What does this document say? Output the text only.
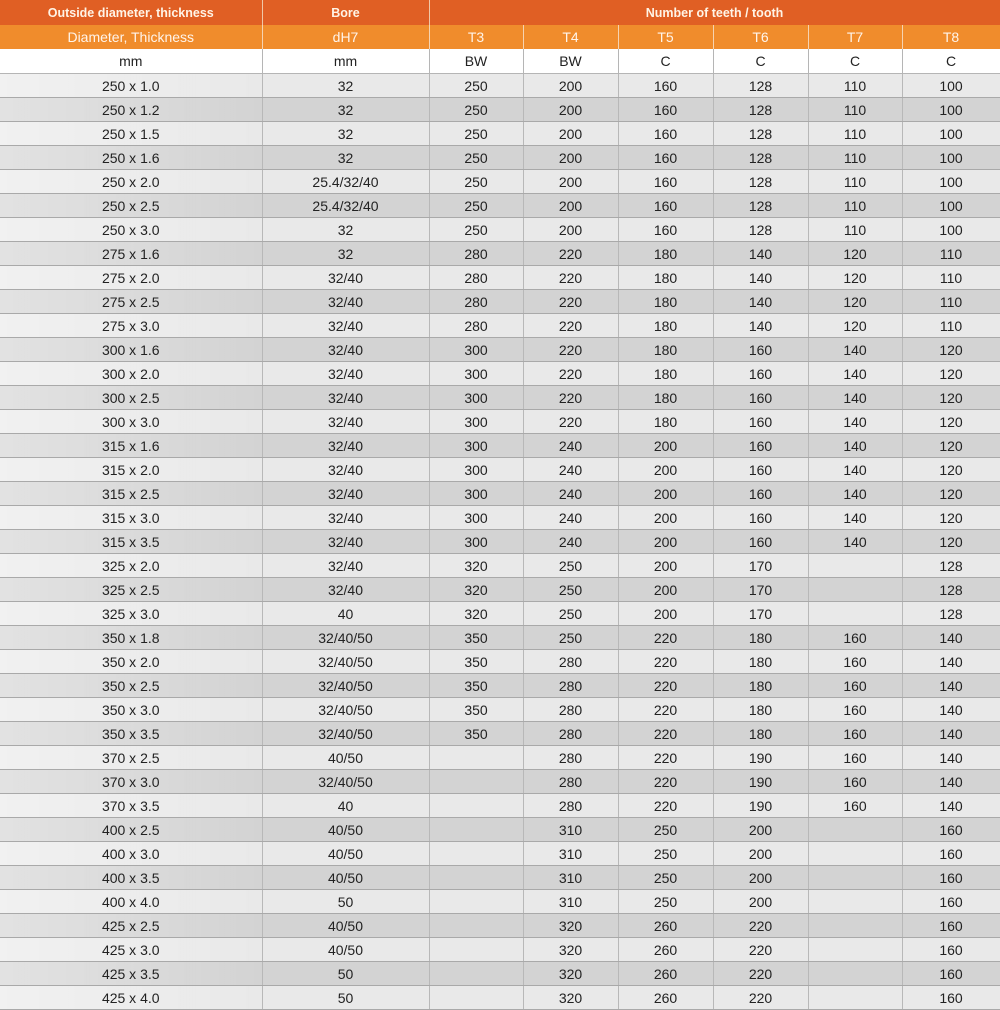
Outside diameter, thickness	Bore	Number of teeth / tooth					
Diameter, Thickness	dH7	T3	T4	T5	T6	T7	T8
mm	mm	BW	BW	C	C	C	C
250 x 1.0	32	250	200	160	128	110	100
250 x 1.2	32	250	200	160	128	110	100
250 x 1.5	32	250	200	160	128	110	100
250 x 1.6	32	250	200	160	128	110	100
250 x 2.0	25.4/32/40	250	200	160	128	110	100
250 x 2.5	25.4/32/40	250	200	160	128	110	100
250 x 3.0	32	250	200	160	128	110	100
275 x 1.6	32	280	220	180	140	120	110
275 x 2.0	32/40	280	220	180	140	120	110
275 x 2.5	32/40	280	220	180	140	120	110
275 x 3.0	32/40	280	220	180	140	120	110
300 x 1.6	32/40	300	220	180	160	140	120
300 x 2.0	32/40	300	220	180	160	140	120
300 x 2.5	32/40	300	220	180	160	140	120
300 x 3.0	32/40	300	220	180	160	140	120
315 x 1.6	32/40	300	240	200	160	140	120
315 x 2.0	32/40	300	240	200	160	140	120
315 x 2.5	32/40	300	240	200	160	140	120
315 x 3.0	32/40	300	240	200	160	140	120
315 x 3.5	32/40	300	240	200	160	140	120
325 x 2.0	32/40	320	250	200	170		128
325 x 2.5	32/40	320	250	200	170		128
325 x 3.0	40	320	250	200	170		128
350 x 1.8	32/40/50	350	250	220	180	160	140
350 x 2.0	32/40/50	350	280	220	180	160	140
350 x 2.5	32/40/50	350	280	220	180	160	140
350 x 3.0	32/40/50	350	280	220	180	160	140
350 x 3.5	32/40/50	350	280	220	180	160	140
370 x 2.5	40/50		280	220	190	160	140
370 x 3.0	32/40/50		280	220	190	160	140
370 x 3.5	40		280	220	190	160	140
400 x 2.5	40/50		310	250	200		160
400 x 3.0	40/50		310	250	200		160
400 x 3.5	40/50		310	250	200		160
400 x 4.0	50		310	250	200		160
425 x 2.5	40/50		320	260	220		160
425 x 3.0	40/50		320	260	220		160
425 x 3.5	50		320	260	220		160
425 x 4.0	50		320	260	220		160
